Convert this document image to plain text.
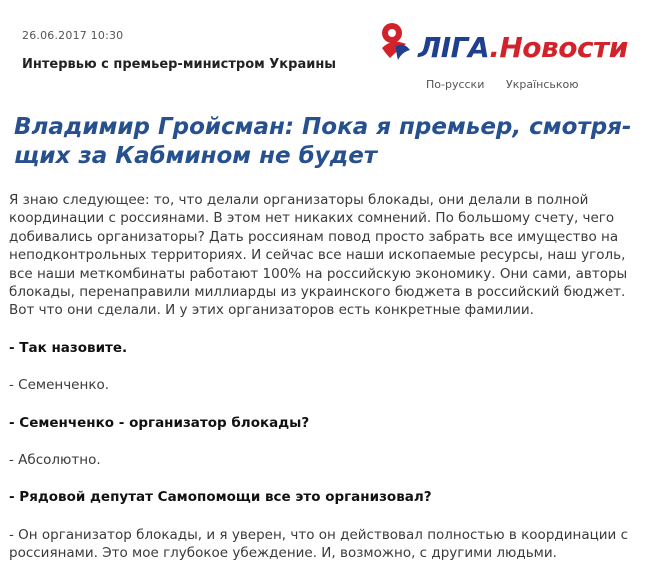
26.06.2017 10:30
Интервью с премьер-министром Украины
ЛIГА.Новости
По-русски Українською
Владимир Гройсман: Пока я премьер, смотря-щих за Кабмином не будет

Я знаю следующее: то, что делали организаторы блокады, они делали в полной координации с россиянами. В этом нет никаких сомнений. По большому счету, чего добивались организаторы? Дать россиянам повод просто забрать все имущество на неподконтрольных территориях. И сейчас все наши ископаемые ресурсы, наш уголь, все наши меткомбинаты работают 100% на российскую экономику. Они сами, авторы блокады, перенаправили миллиарды из украинского бюджета в российский бюджет. Вот что они сделали. И у этих организаторов есть конкретные фамилии.

- Так назовите.

- Семенченко.

- Семенченко - организатор блокады?

- Абсолютно.

- Рядовой депутат Самопомощи все это организовал?

- Он организатор блокады, и я уверен, что он действовал полностью в координации с россиянами. Это мое глубокое убеждение. И, возможно, с другими людьми.
